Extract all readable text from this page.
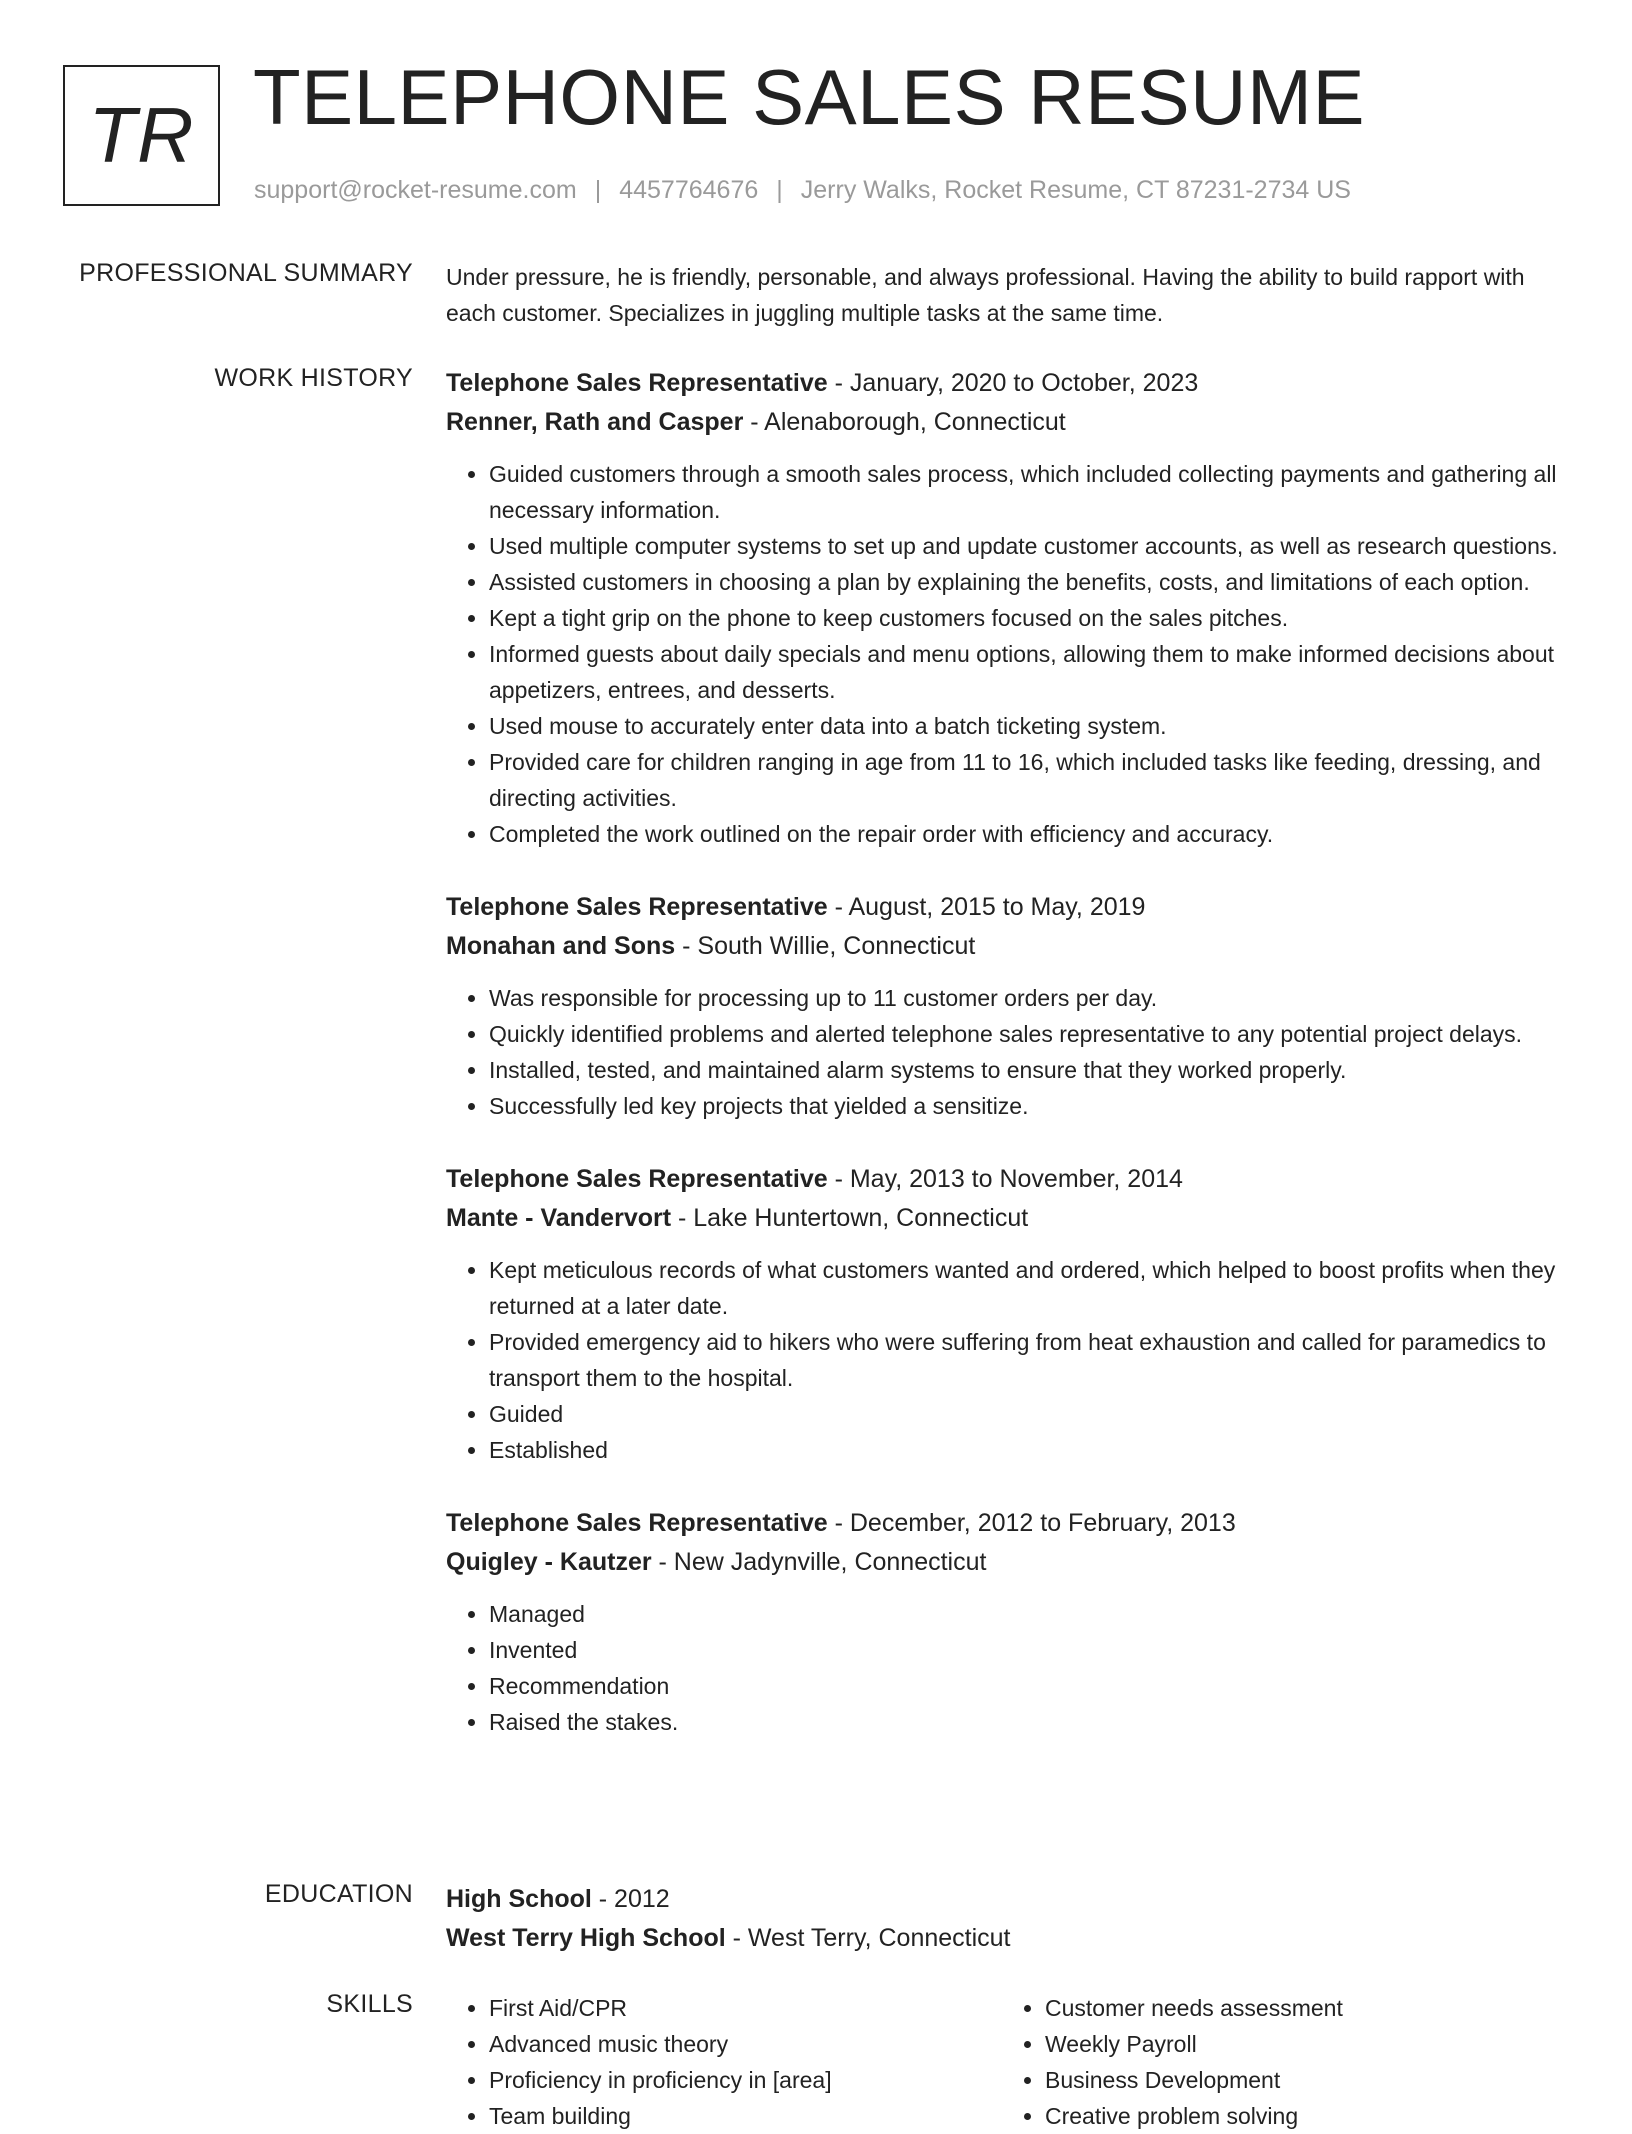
TR TELEPHONE SALES RESUME
support@rocket-resume.com | 4457764676 | Jerry Walks, Rocket Resume, CT 87231-2734 US
PROFESSIONAL SUMMARY Under pressure, he is friendly, personable, and always professional. Having the ability to build rapport with each customer. Specializes in juggling multiple tasks at the same time.

WORK HISTORY Telephone Sales Representative - January, 2020 to October, 2023
Renner, Rath and Casper - Alenaborough, Connecticut
• Guided customers through a smooth sales process, which included collecting payments and gathering all necessary information.
• Used multiple computer systems to set up and update customer accounts, as well as research questions.
• Assisted customers in choosing a plan by explaining the benefits, costs, and limitations of each option.
• Kept a tight grip on the phone to keep customers focused on the sales pitches.
• Informed guests about daily specials and menu options, allowing them to make informed decisions about appetizers, entrees, and desserts.
• Used mouse to accurately enter data into a batch ticketing system.
• Provided care for children ranging in age from 11 to 16, which included tasks like feeding, dressing, and directing activities.
• Completed the work outlined on the repair order with efficiency and accuracy.
Telephone Sales Representative - August, 2015 to May, 2019
Monahan and Sons - South Willie, Connecticut
• Was responsible for processing up to 11 customer orders per day.
• Quickly identified problems and alerted telephone sales representative to any potential project delays.
• Installed, tested, and maintained alarm systems to ensure that they worked properly.
• Successfully led key projects that yielded a sensitize.
Telephone Sales Representative - May, 2013 to November, 2014
Mante - Vandervort - Lake Huntertown, Connecticut
• Kept meticulous records of what customers wanted and ordered, which helped to boost profits when they returned at a later date.
• Provided emergency aid to hikers who were suffering from heat exhaustion and called for paramedics to transport them to the hospital.
• Guided
• Established
Telephone Sales Representative - December, 2012 to February, 2013
Quigley - Kautzer - New Jadynville, Connecticut
• Managed
• Invented
• Recommendation
• Raised the stakes.
EDUCATION High School - 2012
West Terry High School - West Terry, Connecticut
SKILLS
•	First Aid/CPR
• Advanced music theory
• Proficiency in proficiency in [area]
• Team building
• Customer needs assessment
• Weekly Payroll
• Business Development
• Creative problem solving
